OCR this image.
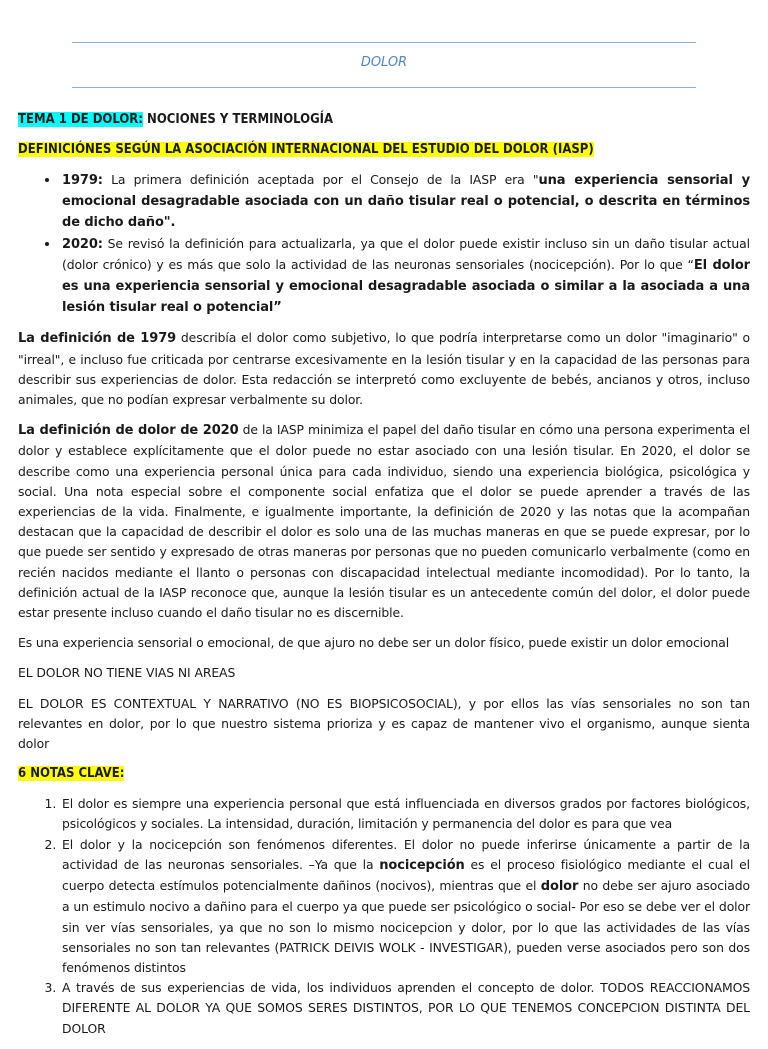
DOLOR
TEMA 1 DE DOLOR: NOCIONES Y TERMINOLOGÍA
DEFINICIÓNES SEGÚN LA ASOCIACIÓN INTERNACIONAL DEL ESTUDIO DEL DOLOR (IASP)
• 1979: La primera definición aceptada por el Consejo de la IASP era "una experiencia sensorial y emocional desagradable asociada con un daño tisular real o potencial, o descrita en términos de dicho daño".
• 2020: Se revisó la definición para actualizarla, ya que el dolor puede existir incluso sin un daño tisular actual (dolor crónico) y es más que solo la actividad de las neuronas sensoriales (nocicepción). Por lo que “El dolor es una experiencia sensorial y emocional desagradable asociada o similar a la asociada a una lesión tisular real o potencial”

La definición de 1979 describía el dolor como subjetivo, lo que podría interpretarse como un dolor "imaginario" o "irreal", e incluso fue criticada por centrarse excesivamente en la lesión tisular y en la capacidad de las personas para describir sus experiencias de dolor. Esta redacción se interpretó como excluyente de bebés, ancianos y otros, incluso animales, que no podían expresar verbalmente su dolor.

La definición de dolor de 2020 de la IASP minimiza el papel del daño tisular en cómo una persona experimenta el dolor y establece explícitamente que el dolor puede no estar asociado con una lesión tisular. En 2020, el dolor se describe como una experiencia personal única para cada individuo, siendo una experiencia biológica, psicológica y social. Una nota especial sobre el componente social enfatiza que el dolor se puede aprender a través de las experiencias de la vida. Finalmente, e igualmente importante, la definición de 2020 y las notas que la acompañan destacan que la capacidad de describir el dolor es solo una de las muchas maneras en que se puede expresar, por lo que puede ser sentido y expresado de otras maneras por personas que no pueden comunicarlo verbalmente (como en recién nacidos mediante el llanto o personas con discapacidad intelectual mediante incomodidad). Por lo tanto, la definición actual de la IASP reconoce que, aunque la lesión tisular es un antecedente común del dolor, el dolor puede estar presente incluso cuando el daño tisular no es discernible.

Es una experiencia sensorial o emocional, de que ajuro no debe ser un dolor físico, puede existir un dolor emocional

EL DOLOR NO TIENE VIAS NI AREAS

EL DOLOR ES CONTEXTUAL Y NARRATIVO (NO ES BIOPSICOSOCIAL), y por ellos las vías sensoriales no son tan relevantes en dolor, por lo que nuestro sistema prioriza y es capaz de mantener vivo el organismo, aunque sienta dolor

6 NOTAS CLAVE:
1. El dolor es siempre una experiencia personal que está influenciada en diversos grados por factores biológicos, psicológicos y sociales. La intensidad, duración, limitación y permanencia del dolor es para que vea
2. El dolor y la nocicepción son fenómenos diferentes. El dolor no puede inferirse únicamente a partir de la actividad de las neuronas sensoriales. –Ya que la nocicepción es el proceso fisiológico mediante el cual el cuerpo detecta estímulos potencialmente dañinos (nocivos), mientras que el dolor no debe ser ajuro asociado a un estimulo nocivo a dañino para el cuerpo ya que puede ser psicológico o social- Por eso se debe ver el dolor sin ver vías sensoriales, ya que no son lo mismo nocicepcion y dolor, por lo que las actividades de las vías sensoriales no son tan relevantes (PATRICK DEIVIS WOLK - INVESTIGAR), pueden verse asociados pero son dos fenómenos distintos
3. A través de sus experiencias de vida, los individuos aprenden el concepto de dolor. TODOS REACCIONAMOS DIFERENTE AL DOLOR YA QUE SOMOS SERES DISTINTOS, POR LO QUE TENEMOS CONCEPCION DISTINTA DEL DOLOR
